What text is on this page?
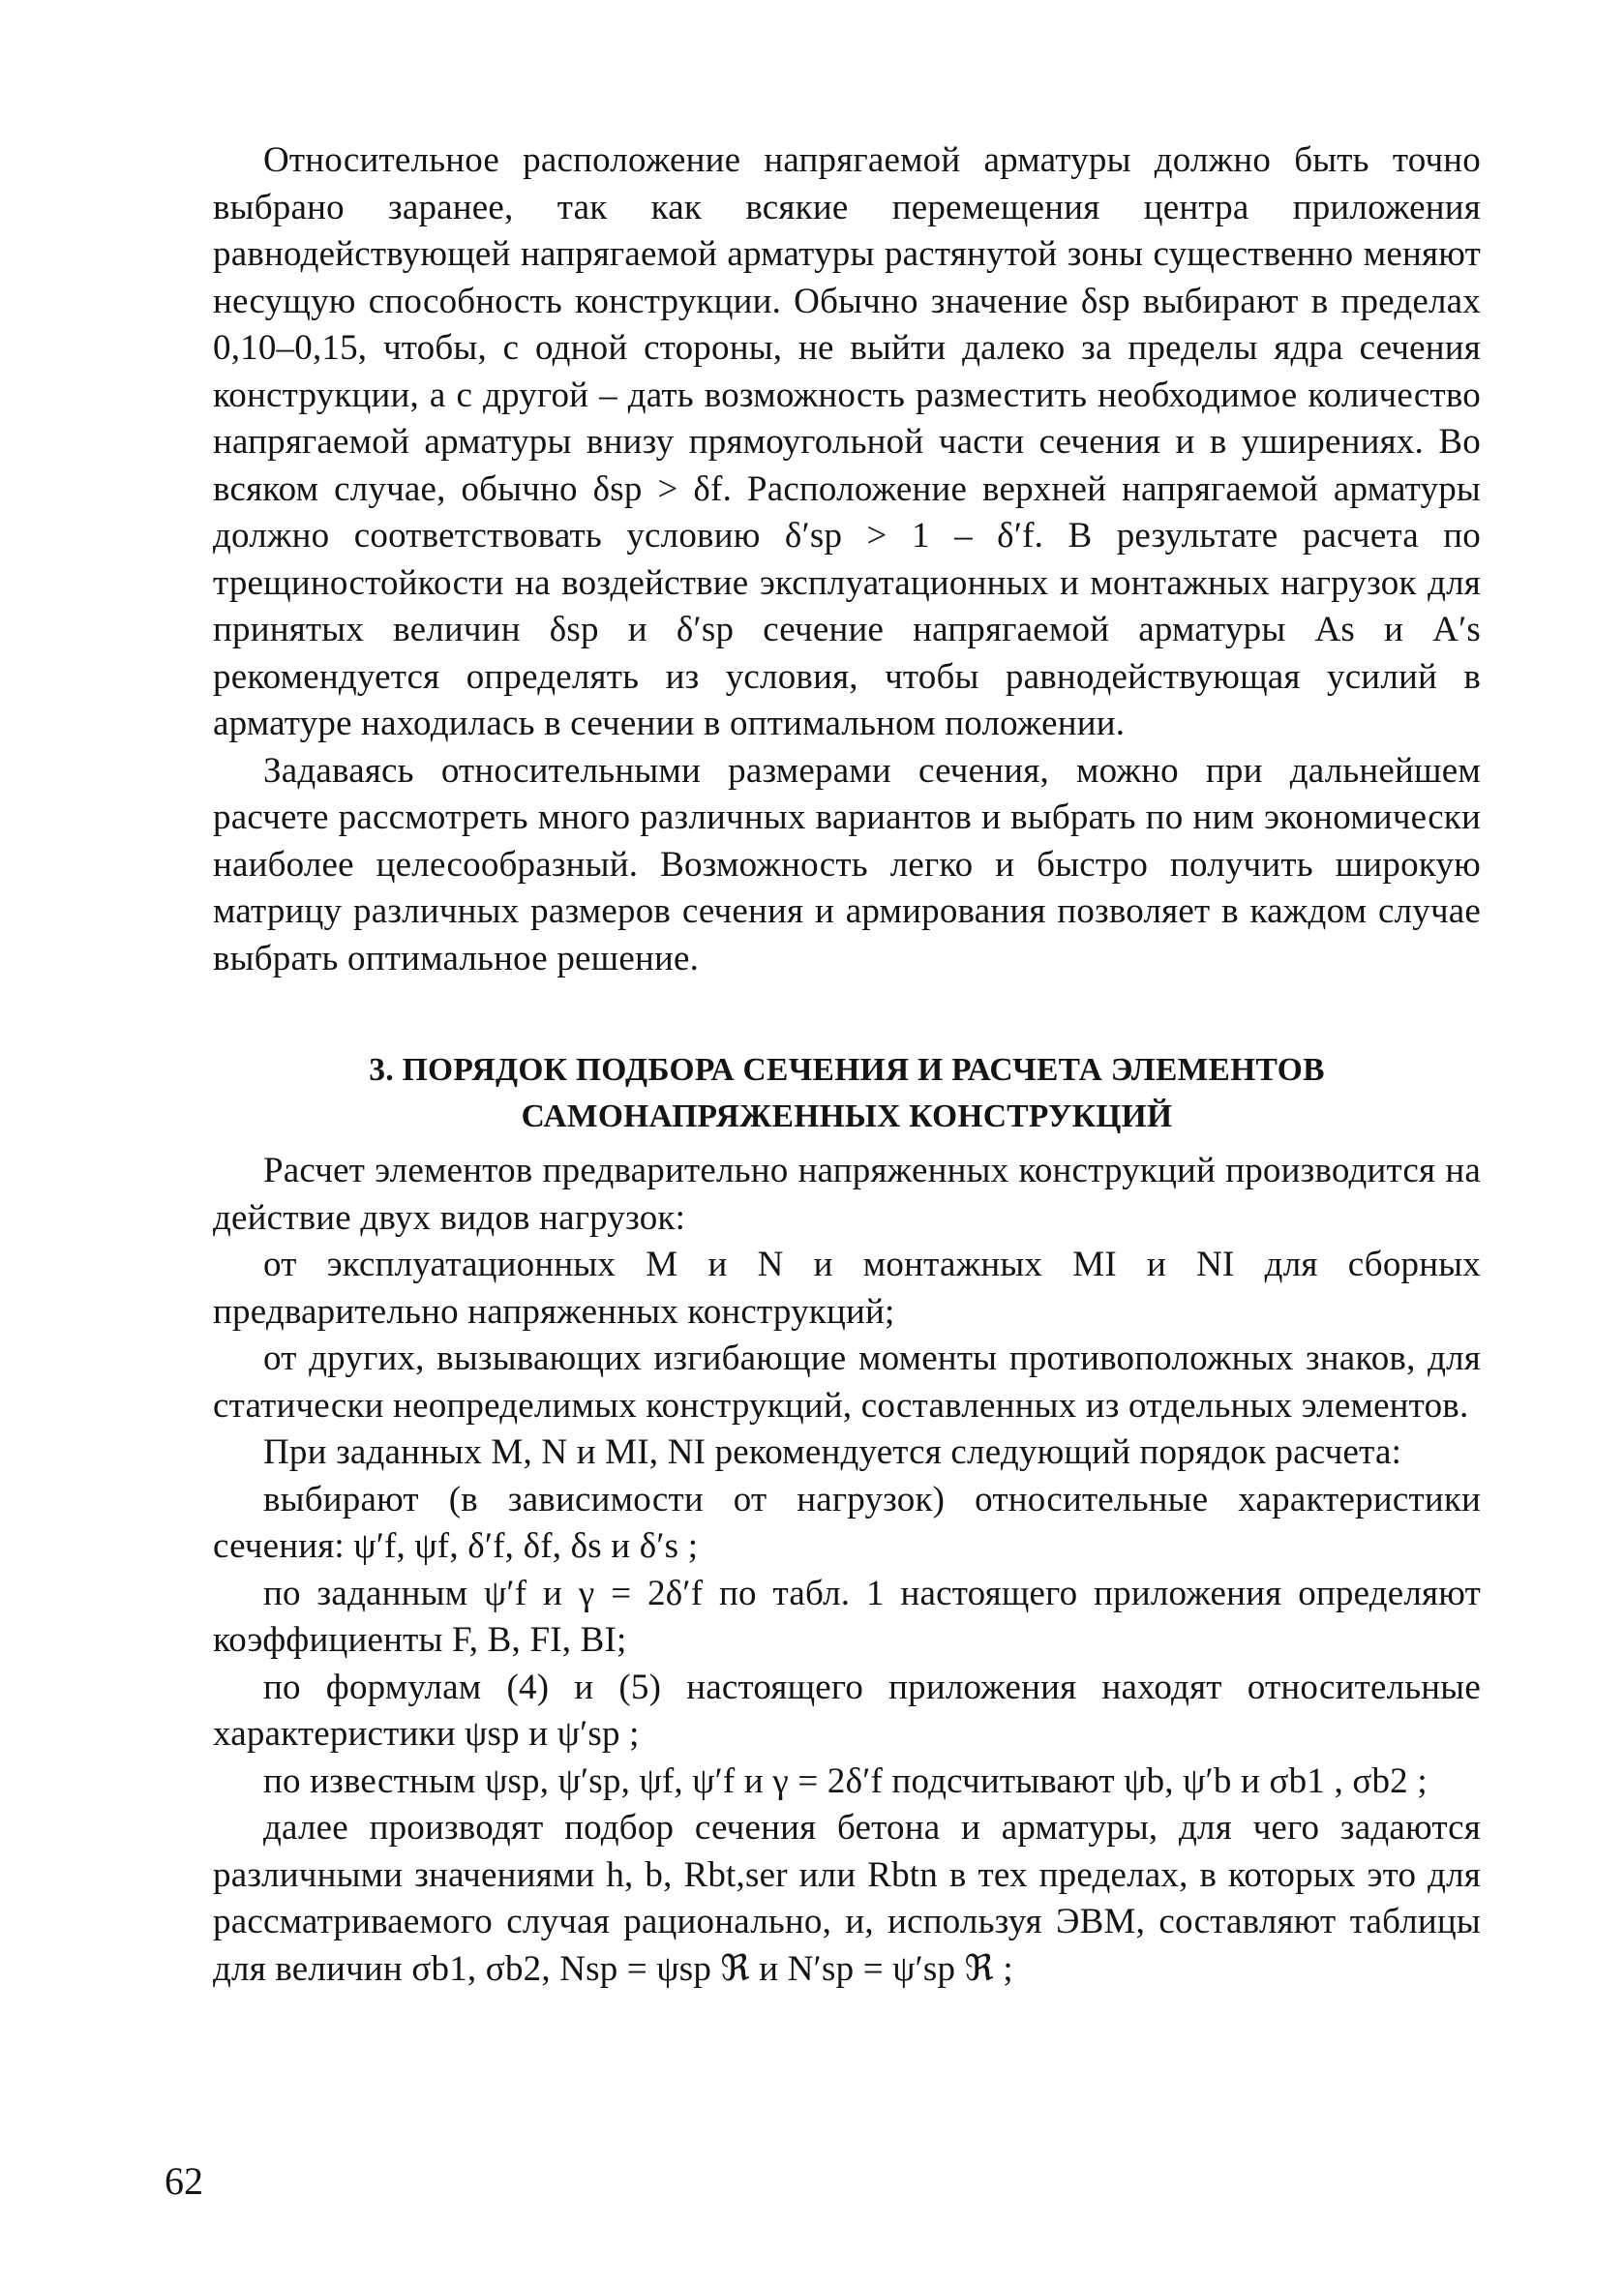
Относительное расположение напрягаемой арматуры должно быть точно выбрано заранее, так как всякие перемещения центра приложения равнодействующей напрягаемой арматуры растянутой зоны существенно меняют несущую способность конструкции. Обычно значение δsp выбирают в пределах 0,10–0,15, чтобы, с одной стороны, не выйти далеко за пределы ядра сечения конструкции, а с другой – дать возможность разместить необходимое количество напрягаемой арматуры внизу прямоугольной части сечения и в уширениях. Во всяком случае, обычно δsp > δf. Расположение верхней напрягаемой арматуры должно соответствовать условию δ′sp > 1 – δ′f. В результате расчета по трещиностойкости на воздействие эксплуатационных и монтажных нагрузок для принятых величин δsp и δ′sp сечение напрягаемой арматуры As и A′s рекомендуется определять из условия, чтобы равнодействующая усилий в арматуре находилась в сечении в оптимальном положении.

Задаваясь относительными размерами сечения, можно при дальнейшем расчете рассмотреть много различных вариантов и выбрать по ним экономически наиболее целесообразный. Возможность легко и быстро получить широкую матрицу различных размеров сечения и армирования позволяет в каждом случае выбрать оптимальное решение.

3. ПОРЯДОК ПОДБОРА СЕЧЕНИЯ И РАСЧЕТА ЭЛЕМЕНТОВ
САМОНАПРЯЖЕННЫХ КОНСТРУКЦИЙ

Расчет элементов предварительно напряженных конструкций производится на действие двух видов нагрузок:

от эксплуатационных M и N и монтажных MI и NI для сборных предварительно напряженных конструкций;

от других, вызывающих изгибающие моменты противоположных знаков, для статически неопределимых конструкций, составленных из отдельных элементов.

При заданных M, N и MI, NI рекомендуется следующий порядок расчета:

выбирают (в зависимости от нагрузок) относительные характеристики сечения: ψ′f, ψf, δ′f, δf, δs и δ′s ;

по заданным ψ′f и γ = 2δ′f по табл. 1 настоящего приложения определяют коэффициенты F, B, FI, BI;

по формулам (4) и (5) настоящего приложения находят относительные характеристики ψsp и ψ′sp ;

по известным ψsp, ψ′sp, ψf, ψ′f и γ = 2δ′f подсчитывают ψb, ψ′b и σb1 , σb2 ;

далее производят подбор сечения бетона и арматуры, для чего задаются различными значениями h, b, Rbt,ser или Rbtn в тех пределах, в которых это для рассматриваемого случая рационально, и, используя ЭВМ, составляют таблицы для величин σb1, σb2, Nsp = ψsp ℜ и N′sp = ψ′sp ℜ ;

62
